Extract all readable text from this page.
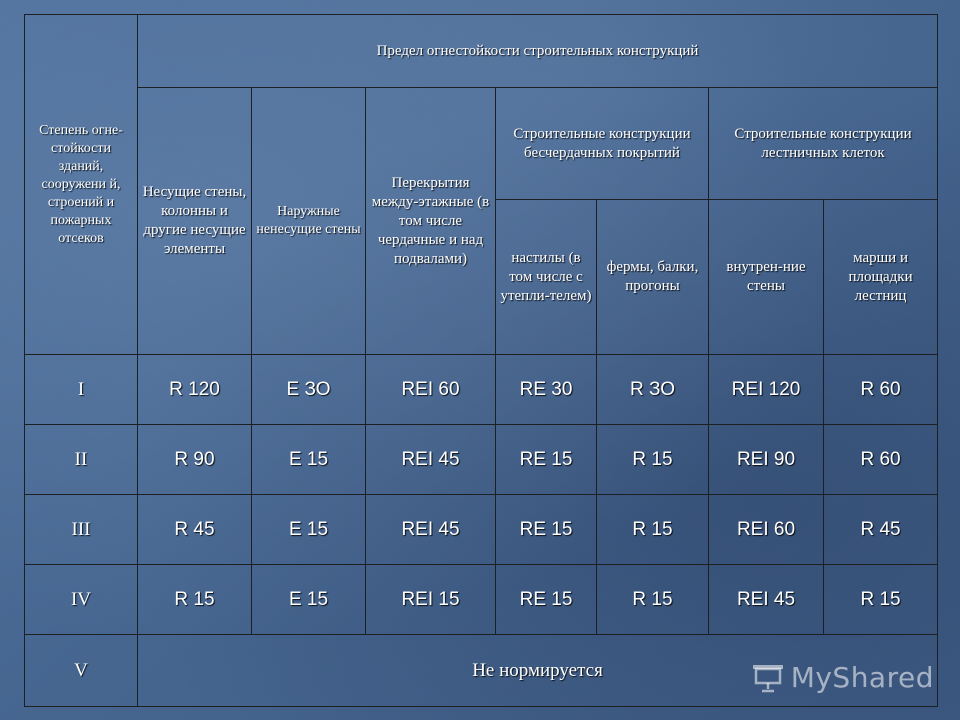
Степень огне-стойкости зданий, сооружени й, строений и пожарных отсеков	Предел огнестойкости строительных конструкций						
	Несущие стены, колонны и другие несущие элементы	Наружные ненесущие стены	Перекрытия между-этажные (в том числе чердачные и над подвалами)	Строительные конструкции бесчердачных покрытий		Строительные конструкции лестничных клеток	
				настилы (в том числе с утепли-телем)	фермы, балки, прогоны	внутрен-ние стены	марши и площадки лестниц
I	R 120	E ЗО	REI 60	RE 30	R ЗО	REI 120	R 60
II	R 90	E 15	REI 45	RE 15	R 15	REI 90	R 60
III	R 45	E 15	REI 45	RE 15	R 15	REI 60	R 45
IV	R 15	E 15	REI 15	RE 15	R 15	REI 45	R 15
V	Не нормируется							MyShared
